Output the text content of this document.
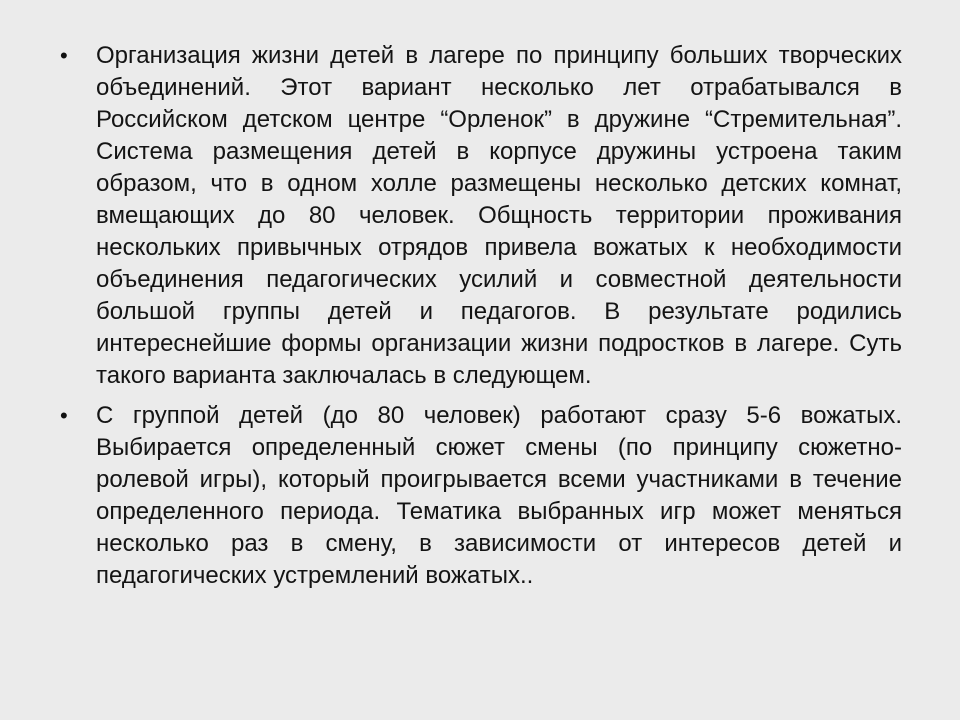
• Организация жизни детей в лагере по принципу больших творческих объединений. Этот вариант несколько лет отрабатывался в Российском детском центре “Орленок” в дружине “Стремительная”. Система размещения детей в корпусе дружины устроена таким образом, что в одном холле размещены несколько детских комнат, вмещающих до 80 человек. Общность территории проживания нескольких привычных отрядов привела вожатых к необходимости объединения педагогических усилий и совместной деятельности большой группы детей и педагогов. В результате родились интереснейшие формы организации жизни подростков в лагере. Суть такого варианта заключалась в следующем.
• С группой детей (до 80 человек) работают сразу 5-6 вожатых. Выбирается определенный сюжет смены (по принципу сюжетно-ролевой игры), который проигрывается всеми участниками в течение определенного периода. Тематика выбранных игр может меняться несколько раз в смену, в зависимости от интересов детей и педагогических устремлений вожатых..
